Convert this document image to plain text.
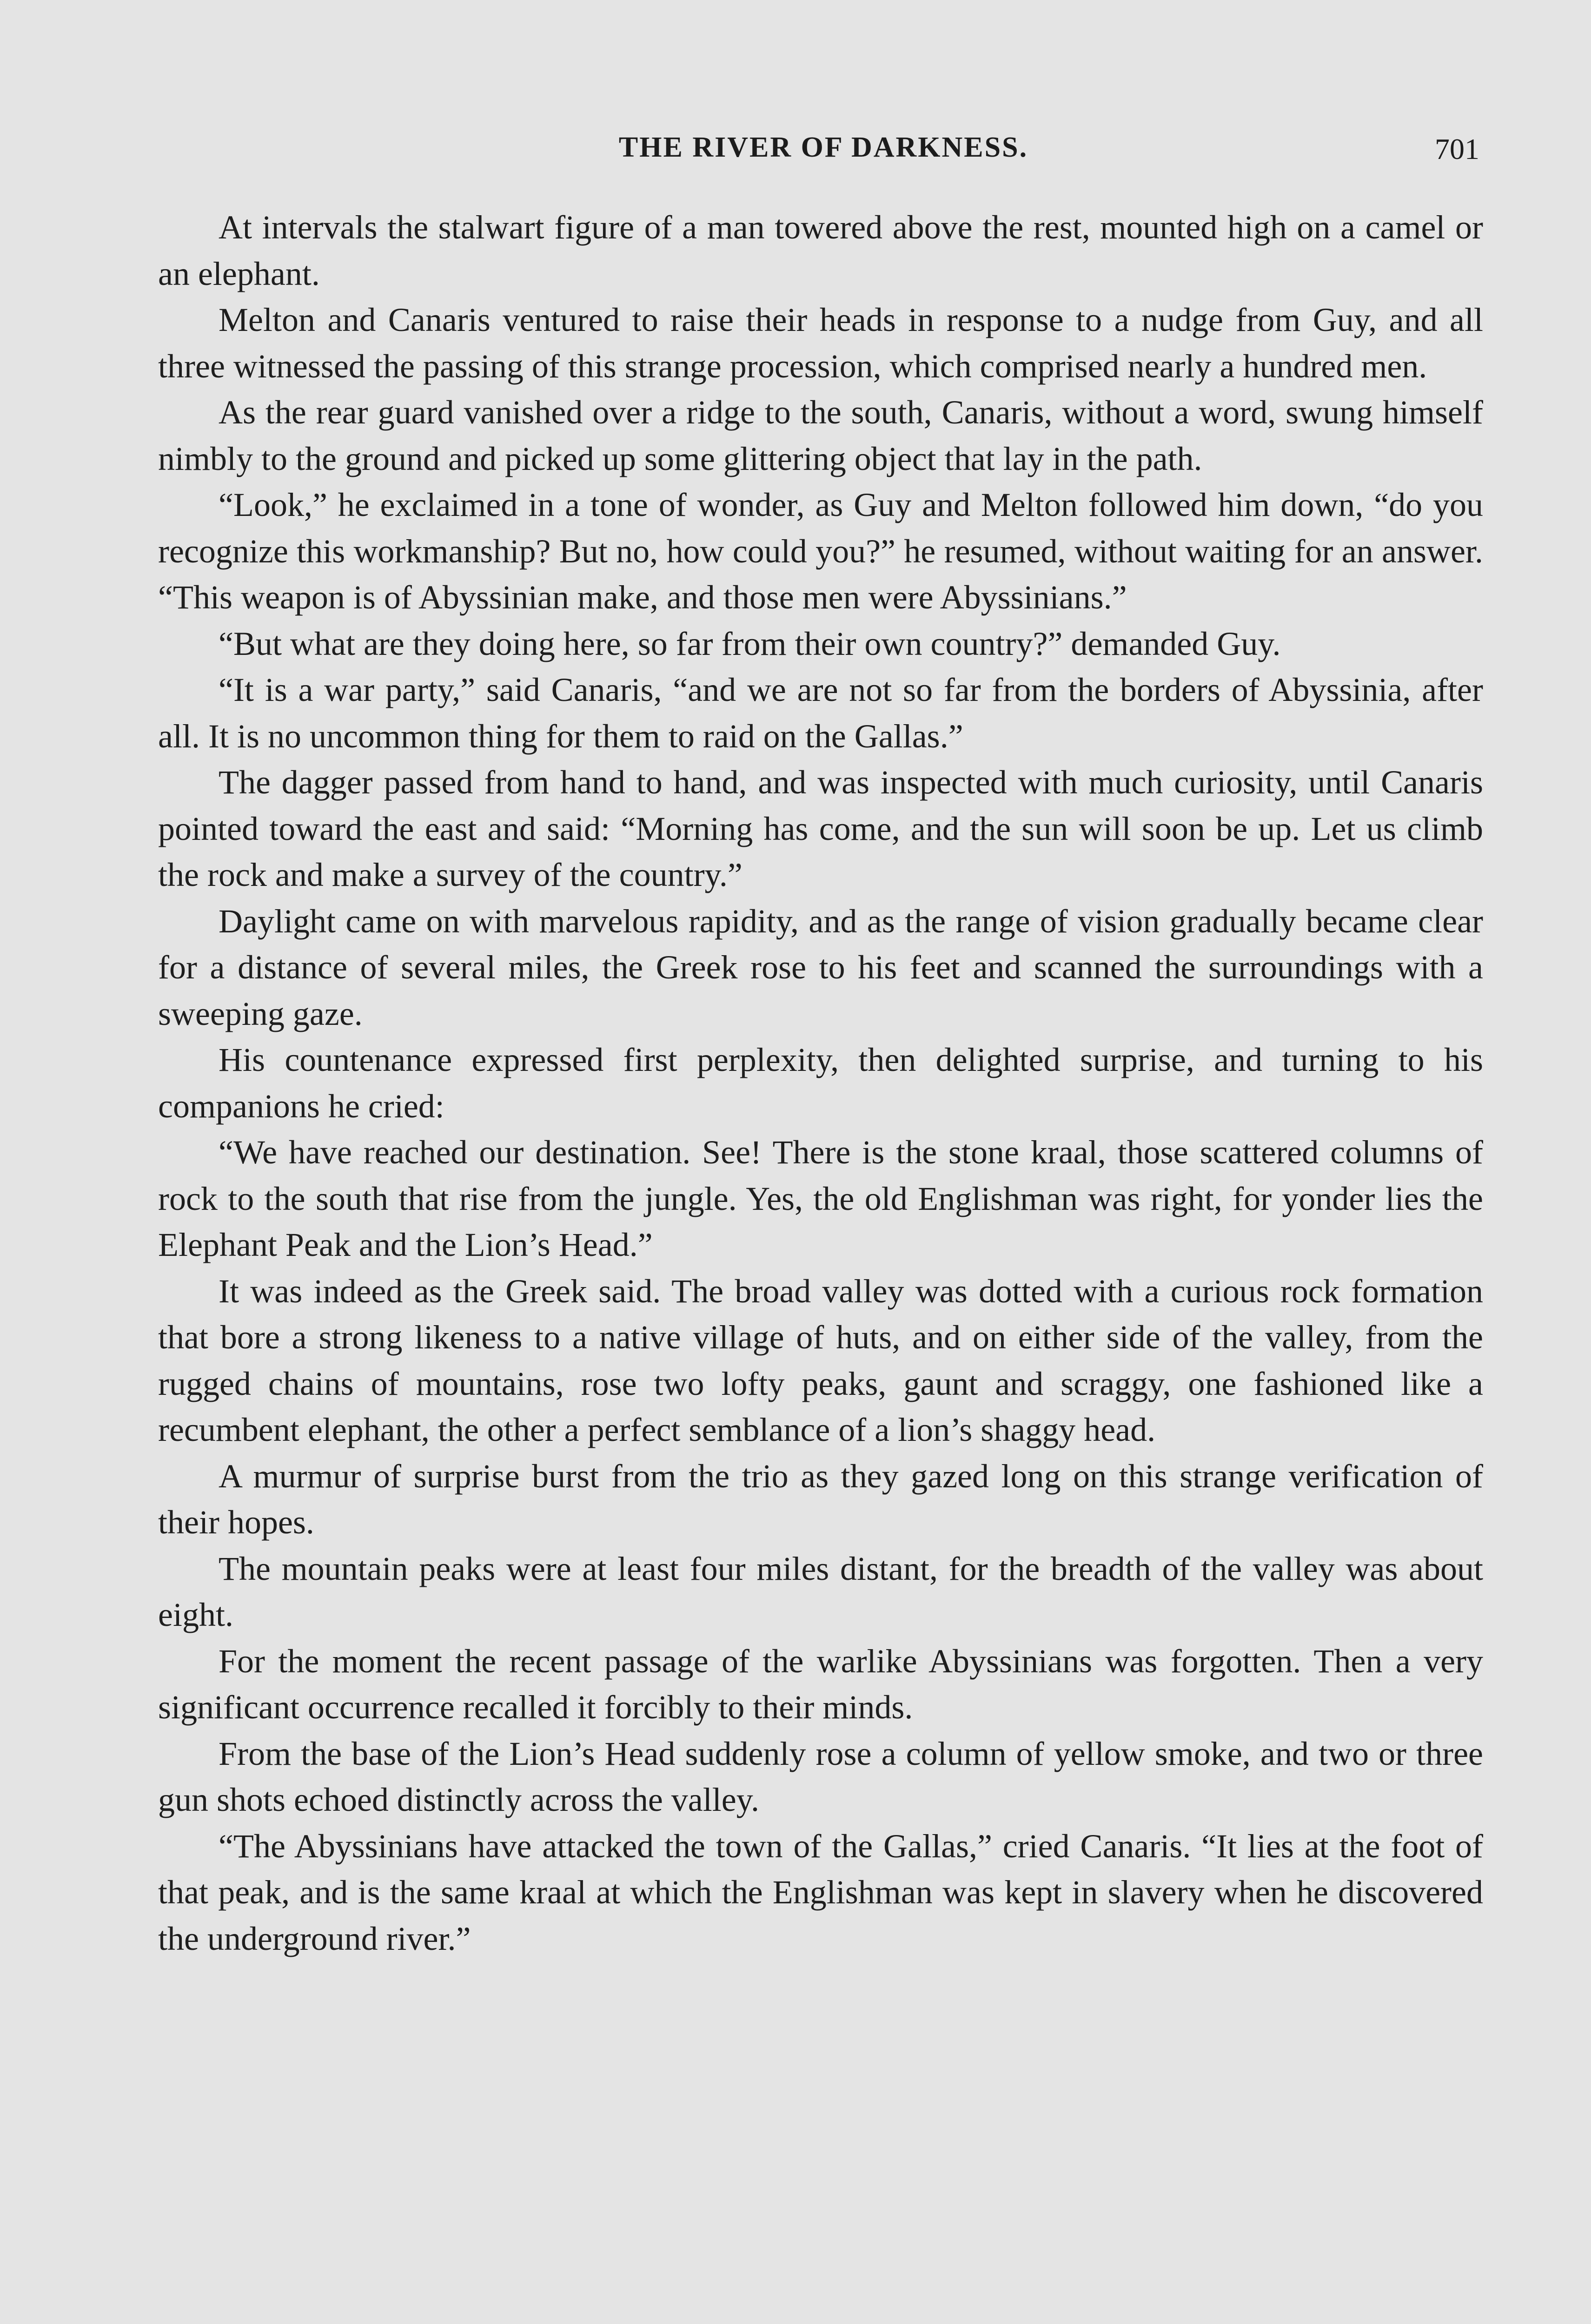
THE RIVER OF DARKNESS.	701

At intervals the stalwart figure of a man towered above the rest, mounted high on a camel or an elephant.

Melton and Canaris ventured to raise their heads in response to a nudge from Guy, and all three witnessed the passing of this strange procession, which comprised nearly a hundred men.

As the rear guard vanished over a ridge to the south, Canaris, without a word, swung himself nimbly to the ground and picked up some glittering object that lay in the path.

“Look,” he exclaimed in a tone of wonder, as Guy and Melton followed him down, “do you recognize this workmanship? But no, how could you?” he resumed, without waiting for an answer. “This weapon is of Abyssinian make, and those men were Abyssinians.”

“But what are they doing here, so far from their own country?” demanded Guy.

“It is a war party,” said Canaris, “and we are not so far from the borders of Abyssinia, after all. It is no uncommon thing for them to raid on the Gallas.”

The dagger passed from hand to hand, and was inspected with much curiosity, until Canaris pointed toward the east and said: “Morning has come, and the sun will soon be up. Let us climb the rock and make a survey of the country.”

Daylight came on with marvelous rapidity, and as the range of vision gradually became clear for a distance of several miles, the Greek rose to his feet and scanned the surroundings with a sweeping gaze.

His countenance expressed first perplexity, then delighted surprise, and turning to his companions he cried:

“We have reached our destination. See! There is the stone kraal, those scattered columns of rock to the south that rise from the jungle. Yes, the old Englishman was right, for yonder lies the Elephant Peak and the Lion’s Head.”

It was indeed as the Greek said. The broad valley was dotted with a curious rock formation that bore a strong likeness to a native village of huts, and on either side of the valley, from the rugged chains of mountains, rose two lofty peaks, gaunt and scraggy, one fashioned like a recumbent elephant, the other a perfect semblance of a lion’s shaggy head.

A murmur of surprise burst from the trio as they gazed long on this strange verification of their hopes.

The mountain peaks were at least four miles distant, for the breadth of the valley was about eight.

For the moment the recent passage of the warlike Abyssinians was forgotten. Then a very significant occurrence recalled it forcibly to their minds.

From the base of the Lion’s Head suddenly rose a column of yellow smoke, and two or three gun shots echoed distinctly across the valley.

“The Abyssinians have attacked the town of the Gallas,” cried Canaris. “It lies at the foot of that peak, and is the same kraal at which the Englishman was kept in slavery when he discovered the underground river.”
